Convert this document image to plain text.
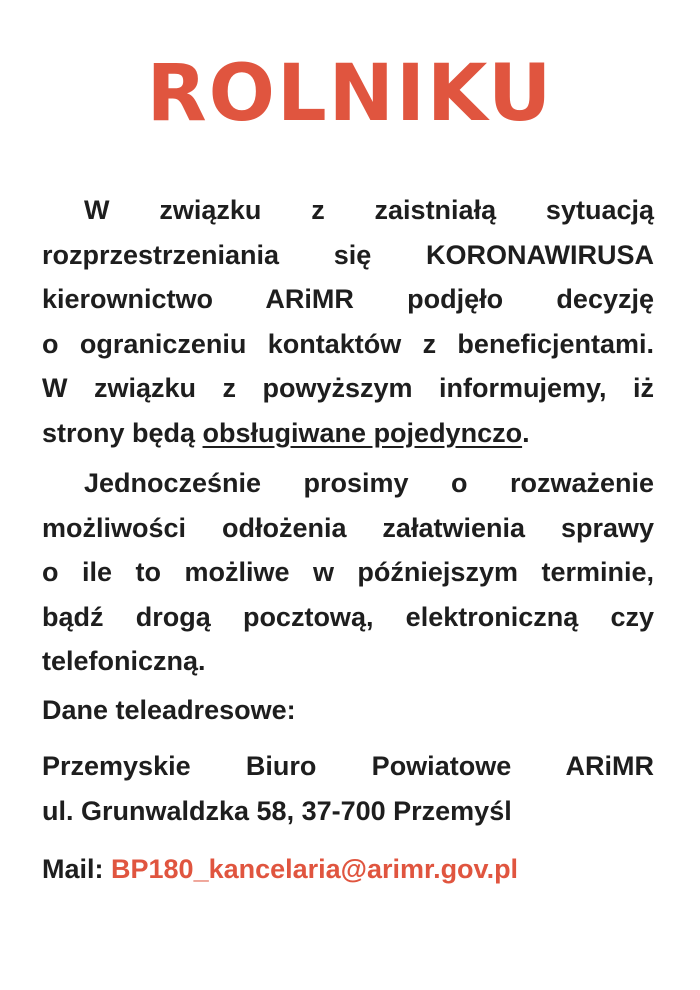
ROLNIKU
W związku z zaistniałą sytuacją
rozprzestrzeniania się KORONAWIRUSA
kierownictwo ARiMR podjęło decyzję
o ograniczeniu kontaktów z beneficjentami.
W związku z powyższym informujemy, iż
strony będą obsługiwane pojedynczo.
Jednocześnie prosimy o rozważenie
możliwości odłożenia załatwienia sprawy
o ile to możliwe w późniejszym terminie,
bądź drogą pocztową, elektroniczną czy
telefoniczną.
Dane teleadresowe:
Przemyskie Biuro Powiatowe ARiMR
ul. Grunwaldzka 58, 37-700 Przemyśl
Mail: BP180_kancelaria@arimr.gov.pl
